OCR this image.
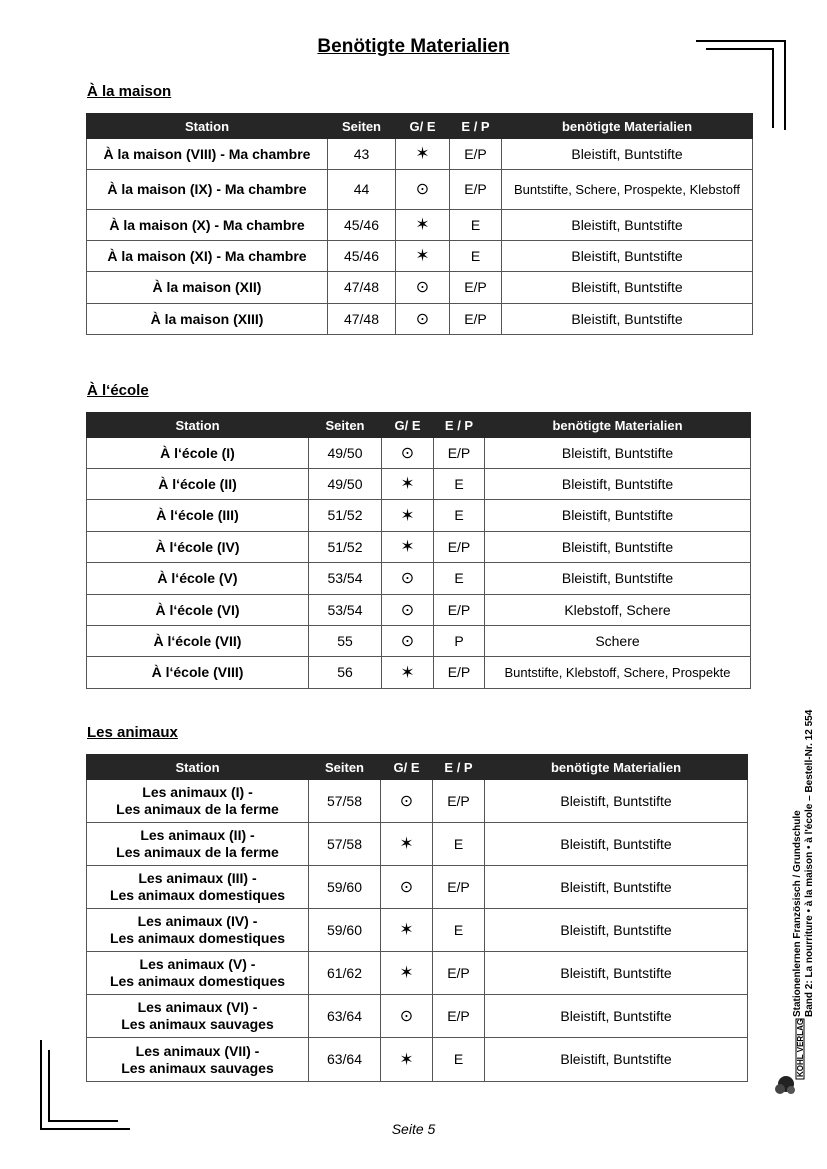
Benötigte Materialien
À la maison
À l‘école
Les animaux
Station	Seiten	G/ E	E / P	benötigte Materialien
À la maison (VIII) - Ma chambre	43	✶	E/P	Bleistift, Buntstifte
À la maison (IX) - Ma chambre	44	⊙	E/P	Buntstifte, Schere, Prospekte, Klebstoff
À la maison (X) - Ma chambre	45/46	✶	E	Bleistift, Buntstifte
À la maison (XI) - Ma chambre	45/46	✶	E	Bleistift, Buntstifte
À la maison (XII)	47/48	⊙	E/P	Bleistift, Buntstifte
À la maison (XIII)	47/48	⊙	E/P	Bleistift, Buntstifte
Station	Seiten	G/ E	E / P	benötigte Materialien
À l‘école (I)	49/50	⊙	E/P	Bleistift, Buntstifte
À l‘école (II)	49/50	✶	E	Bleistift, Buntstifte
À l‘école (III)	51/52	✶	E	Bleistift, Buntstifte
À l‘école (IV)	51/52	✶	E/P	Bleistift, Buntstifte
À l‘école (V)	53/54	⊙	E	Bleistift, Buntstifte
À l‘école (VI)	53/54	⊙	E/P	Klebstoff, Schere
À l‘école (VII)	55	⊙	P	Schere
À l‘école (VIII)	56	✶	E/P	Buntstifte, Klebstoff, Schere, Prospekte
Station	Seiten	G/ E	E / P	benötigte Materialien
Les animaux (I) -
Les animaux de la ferme	57/58	⊙	E/P	Bleistift, Buntstifte
Les animaux (II) -
Les animaux de la ferme	57/58	✶	E	Bleistift, Buntstifte
Les animaux (III) -
Les animaux domestiques	59/60	⊙	E/P	Bleistift, Buntstifte
Les animaux (IV) -
Les animaux domestiques	59/60	✶	E	Bleistift, Buntstifte
Les animaux (V) -
Les animaux domestiques	61/62	✶	E/P	Bleistift, Buntstifte
Les animaux (VI) -
Les animaux sauvages	63/64	⊙	E/P	Bleistift, Buntstifte
Les animaux (VII) -
Les animaux sauvages	63/64	✶	E	Bleistift, Buntstifte
Stationenlernen Französisch / Grundschule Band 2: La nourriture • à la maison • à l'école – Bestell-Nr. 12 554
KOHL VERLAG
Seite 5
